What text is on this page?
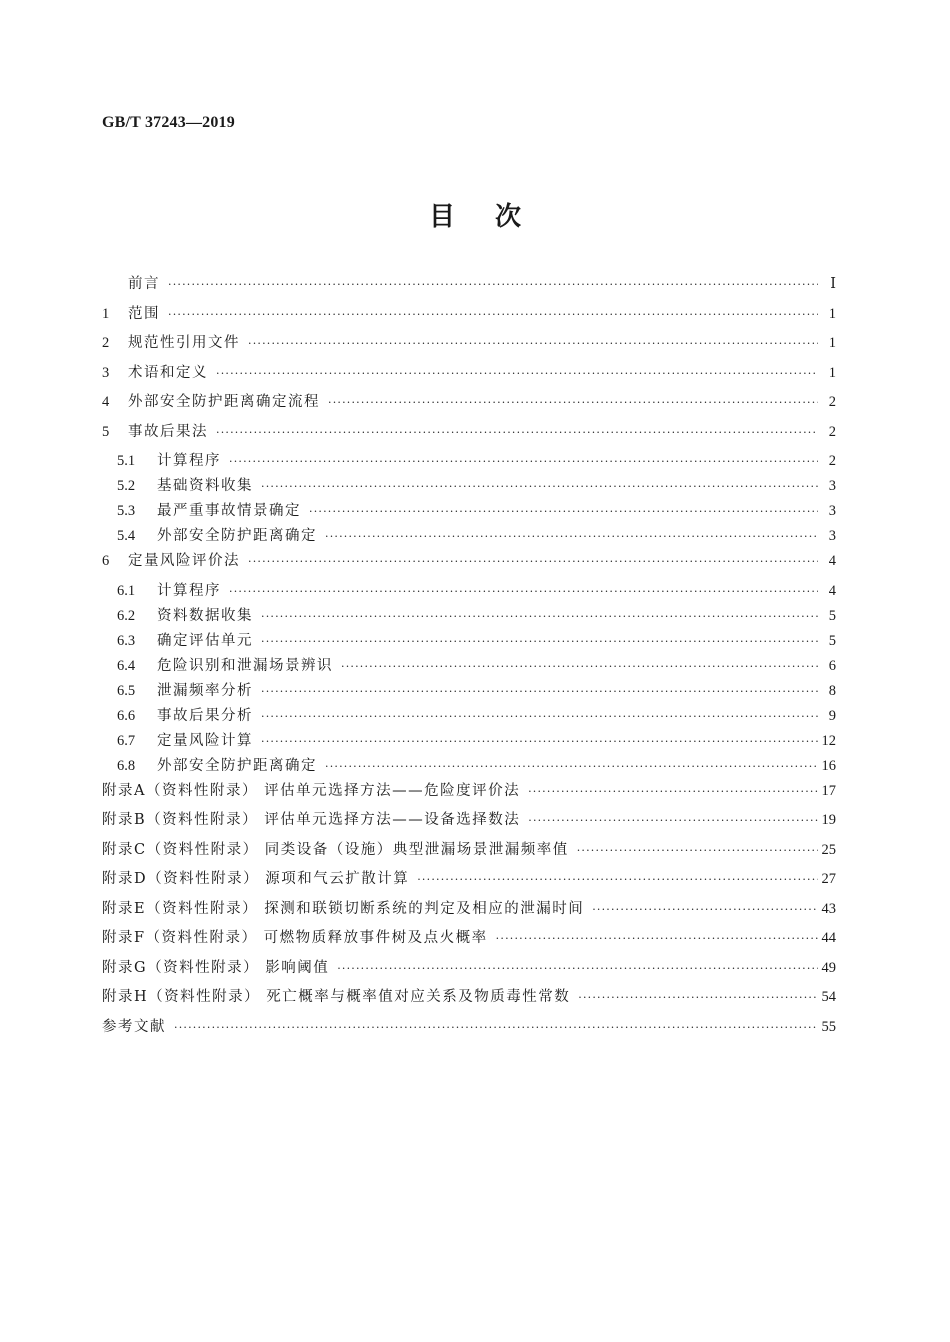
GB/T 37243—2019
目次
前言 ·····	Ⅰ
1	范围 ·····	1
2	规范性引用文件 ·····	1
3	术语和定义 ·····	1
4	外部安全防护距离确定流程 ·····	2
5	事故后果法 ·····	2
5.1	计算程序 ·····	2
5.2	基础资料收集 ·····	3
5.3	最严重事故情景确定 ·····	3
5.4	外部安全防护距离确定 ·····	3
6	定量风险评价法 ·····	4
6.1	计算程序 ·····	4
6.2	资料数据收集 ·····	5
6.3	确定评估单元 ·····	5
6.4	危险识别和泄漏场景辨识 ·····	6
6.5	泄漏频率分析 ·····	8
6.6	事故后果分析 ·····	9
6.7	定量风险计算 ·····	12
6.8	外部安全防护距离确定 ·····	16
附录A（资料性附录） 评估单元选择方法——危险度评价法 ·····	17
附录B（资料性附录） 评估单元选择方法——设备选择数法 ·····	19
附录C（资料性附录） 同类设备（设施）典型泄漏场景泄漏频率值 ·····	25
附录D（资料性附录） 源项和气云扩散计算 ·····	27
附录E（资料性附录） 探测和联锁切断系统的判定及相应的泄漏时间 ·····	43
附录F（资料性附录） 可燃物质释放事件树及点火概率 ·····	44
附录G（资料性附录） 影响阈值 ·····	49
附录H（资料性附录） 死亡概率与概率值对应关系及物质毒性常数 ·····	54
参考文献 ·····	55
